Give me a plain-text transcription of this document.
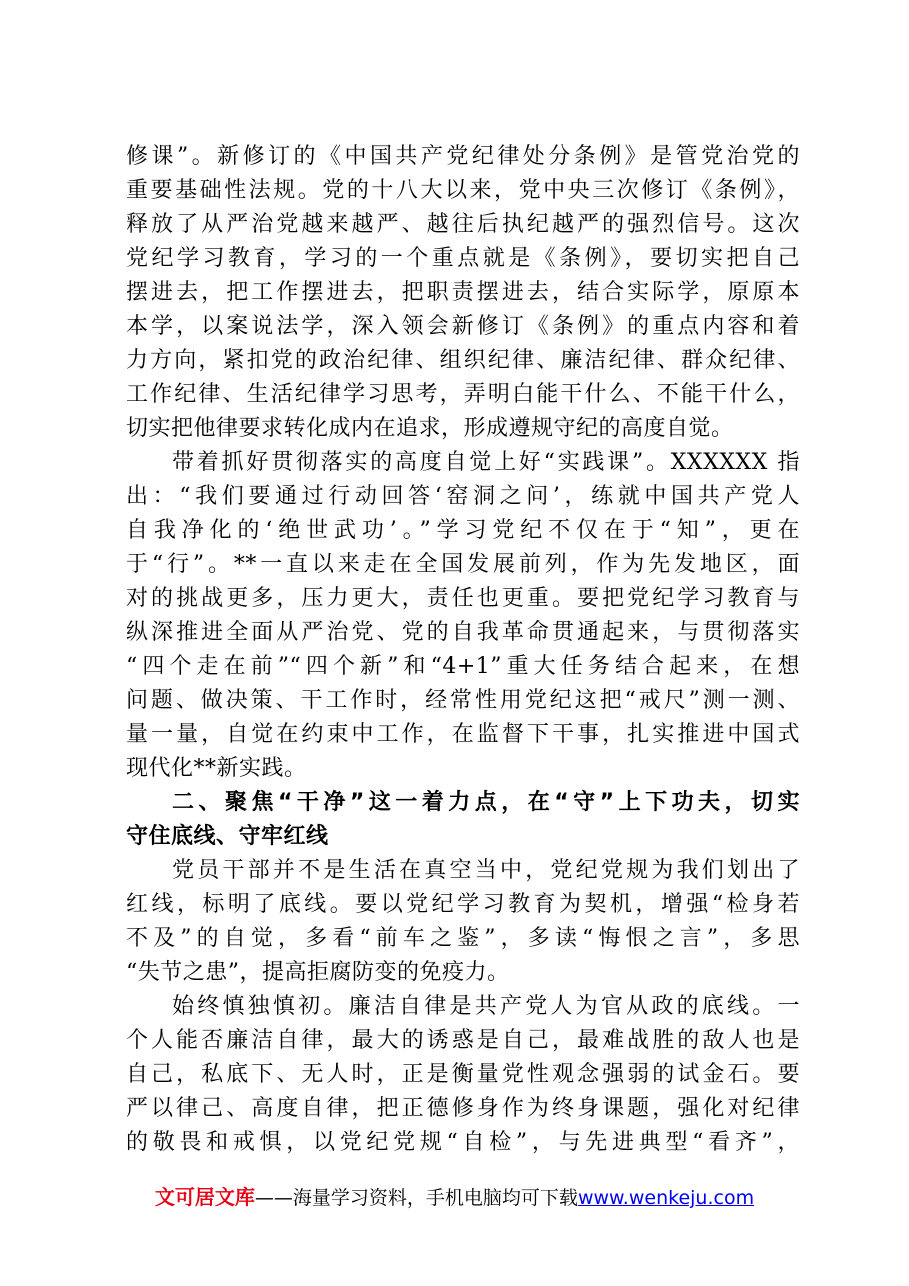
修课”。新修订的《中国共产党纪律处分条例》是管党治党的
重要基础性法规。党的十八大以来，党中央三次修订《条例》，
释放了从严治党越来越严、越往后执纪越严的强烈信号。这次
党纪学习教育，学习的一个重点就是《条例》，要切实把自己
摆进去，把工作摆进去，把职责摆进去，结合实际学，原原本
本学，以案说法学，深入领会新修订《条例》的重点内容和着
力方向，紧扣党的政治纪律、组织纪律、廉洁纪律、群众纪律、
工作纪律、生活纪律学习思考，弄明白能干什么、不能干什么，
切实把他律要求转化成内在追求，形成遵规守纪的高度自觉。
带着抓好贯彻落实的高度自觉上好“实践课”。XXXXXX 指
出：“我们要通过行动回答‘窑洞之问’，练就中国共产党人
自我净化的‘绝世武功’。”学习党纪不仅在于“知”，更在
于“行”。**一直以来走在全国发展前列，作为先发地区，面
对的挑战更多，压力更大，责任也更重。要把党纪学习教育与
纵深推进全面从严治党、党的自我革命贯通起来，与贯彻落实
“四个走在前”“四个新”和“4+1”重大任务结合起来，在想
问题、做决策、干工作时，经常性用党纪这把“戒尺”测一测、
量一量，自觉在约束中工作，在监督下干事，扎实推进中国式
现代化**新实践。
二、聚焦“干净”这一着力点，在“守”上下功夫，切实
守住底线、守牢红线
党员干部并不是生活在真空当中，党纪党规为我们划出了
红线，标明了底线。要以党纪学习教育为契机，增强“检身若
不及”的自觉，多看“前车之鉴”，多读“悔恨之言”，多思
“失节之患”，提高拒腐防变的免疫力。
始终慎独慎初。廉洁自律是共产党人为官从政的底线。一
个人能否廉洁自律，最大的诱惑是自己，最难战胜的敌人也是
自己，私底下、无人时，正是衡量党性观念强弱的试金石。要
严以律己、高度自律，把正德修身作为终身课题，强化对纪律
的敬畏和戒惧，以党纪党规“自检”，与先进典型“看齐”，
文可居文库——海量学习资料，手机电脑均可下载www.wenkeju.com
